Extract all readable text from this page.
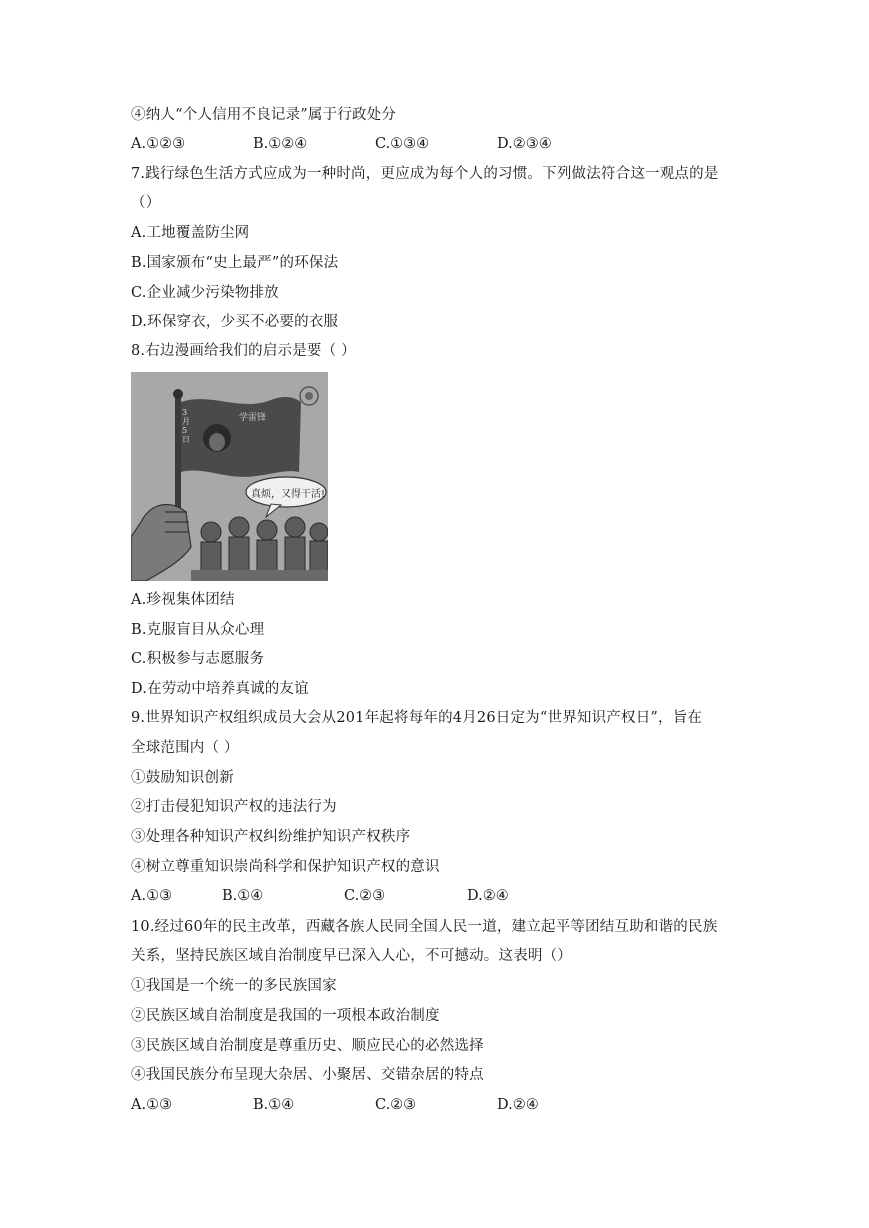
④纳人“个人信用不良记录”属于行政处分
A.①②③	B.①②④	C.①③④	D.②③④
7.践行绿色生活方式应成为一种时尚，更应成为每个人的习惯。下列做法符合这一观点的是
（）
A.工地覆盖防尘网
B.国家颁布“史上最严”的环保法
C.企业减少污染物排放
D.环保穿衣，少买不必要的衣服
8.右边漫画给我们的启示是要（ ）
学雷锋
3月5日
真烦，又得干活!
A.珍视集体团结
B.克服盲目从众心理
C.积极参与志愿服务
D.在劳动中培养真诚的友谊
9.世界知识产权组织成员大会从201年起将每年的4月26日定为“世界知识产权日”，旨在
全球范围内（ ）
①鼓励知识创新
②打击侵犯知识产权的违法行为
③处理各种知识产权纠纷维护知识产权秩序
④树立尊重知识崇尚科学和保护知识产权的意识
A.①③	B.①④	C.②③	D.②④
10.经过60年的民主改革，西藏各族人民同全国人民一道，建立起平等团结互助和谐的民族
关系，坚持民族区域自治制度早已深入人心，不可撼动。这表明（）
①我国是一个统一的多民族国家
②民族区域自治制度是我国的一项根本政治制度
③民族区域自治制度是尊重历史、顺应民心的必然选择
④我国民族分布呈现大杂居、小聚居、交错杂居的特点
A.①③	B.①④	C.②③	D.②④
